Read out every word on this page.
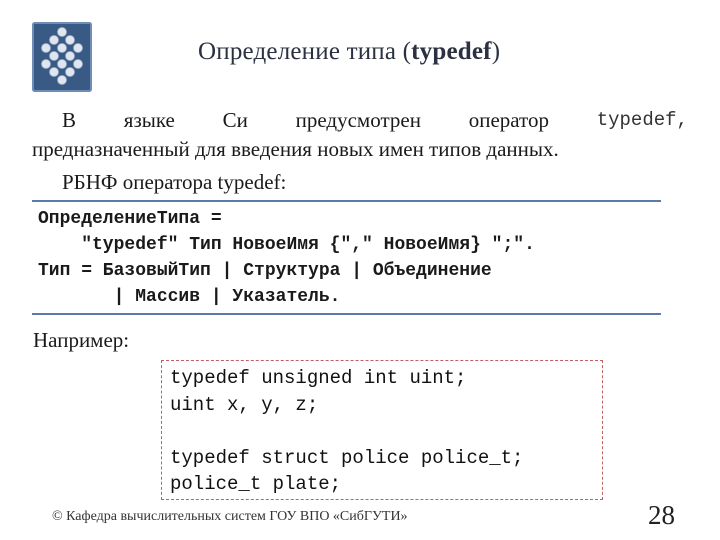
Определение типа (typedef)
В языке Си предусмотрен оператор	typedef,
предназначенный для введения новых имен типов данных.
РБНФ оператора typedef:
ОпределениеТипа =
"typedef" Тип НовоеИмя {"," НовоеИмя} ";".
Тип = БазовыйТип | Структура | Объединение
| Массив | Указатель.
Например:
typedef unsigned int uint;
uint x, y, z;
typedef struct police police_t;
police_t plate;
© Кафедра вычислительных систем ГОУ ВПО «СибГУТИ»	28
